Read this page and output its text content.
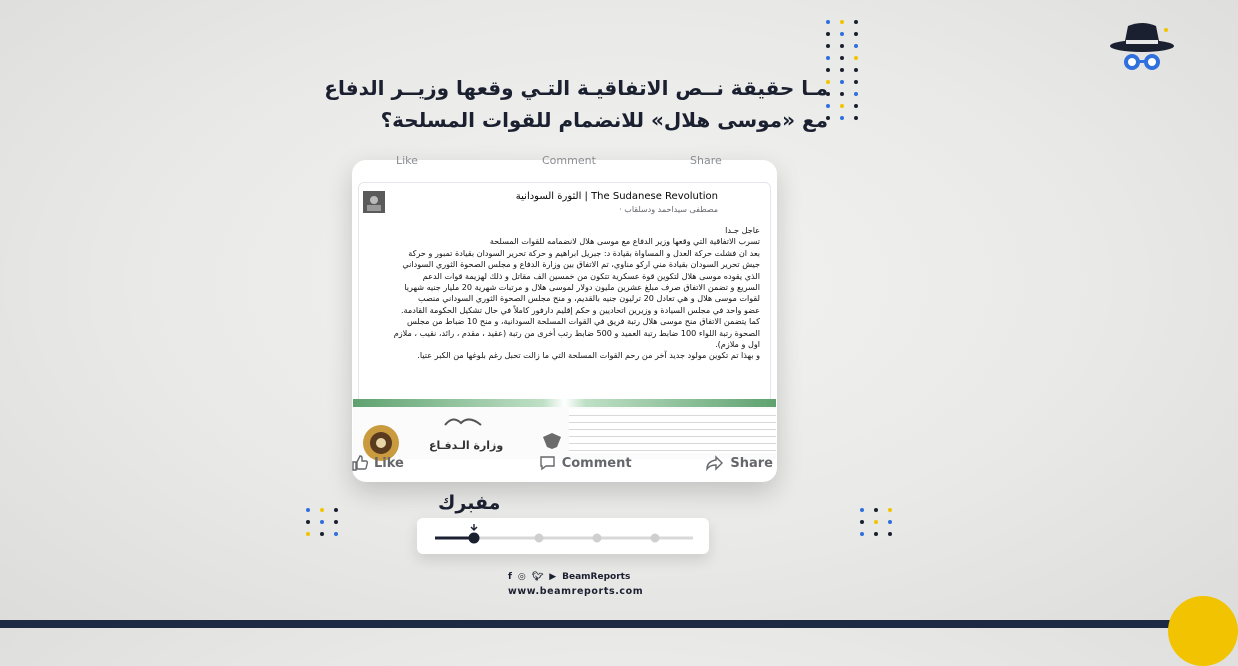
مـا حقيقة نــص الاتفاقيـة التـي وقعها وزيــر الدفاع
مع «موسى هلال» للانضمام للقوات المسلحة؟
Like	Comment	Share
الثورة السودانية | The Sudanese Revolution
مصطفى سيداحمد ودسلقاب ·

عاجل جـدا

تسرب الاتفاقية التي وقعها وزير الدفاع مع موسى هلال لانضمامه للقوات المسلحة

بعد ان فشلت حركة العدل و المساواة بقيادة د: جبريل ابراهيم و حركة تحرير السودان بقيادة تمبور و حركة

جيش تحرير السودان بقيادة مني اركو مناوي، تم الاتفاق بين وزارة الدفاع و مجلس الصحوة الثوري السوداني

الذي يقوده موسى هلال لتكوين قوة عسكرية تتكون من خمسين الف مقاتل و ذلك لهزيمة قوات الدعم

السريع و تضمن الاتفاق صرف مبلغ عشرين مليون دولار لموسى هلال و مرتبات شهرية 20 مليار جنيه شهريا

لقوات موسى هلال و هي تعادل 20 ترليون جنيه بالقديم، و منح مجلس الصحوة الثوري السوداني منصب

عضو واحد في مجلس السيادة و وزيرين اتحاديين و حكم إقليم دارفور كاملاً في حال تشكيل الحكومة القادمة.

كما يتضمن الاتفاق منح موسى هلال رتبة فريق في القوات المسلحة السودانية، و منح 10 ضباط من مجلس

الصحوة رتبة اللواء 100 ضابط رتبة العميد و 500 ضابط رتب أخرى من رتبة (عقيد ، مقدم ، رائد، نقيب ، ملازم

اول و ملازم).

و بهذا تم تكوين مولود جديد آخر من رحم القوات المسلحة التي ما زالت تحبل رغم بلوغها من الكبر عتيا.

وزارة الـدفـاع
Like	Comment	Share
مفبرك
f ◎ 🐦︎ ▶ BeamReports
www.beamreports.com
